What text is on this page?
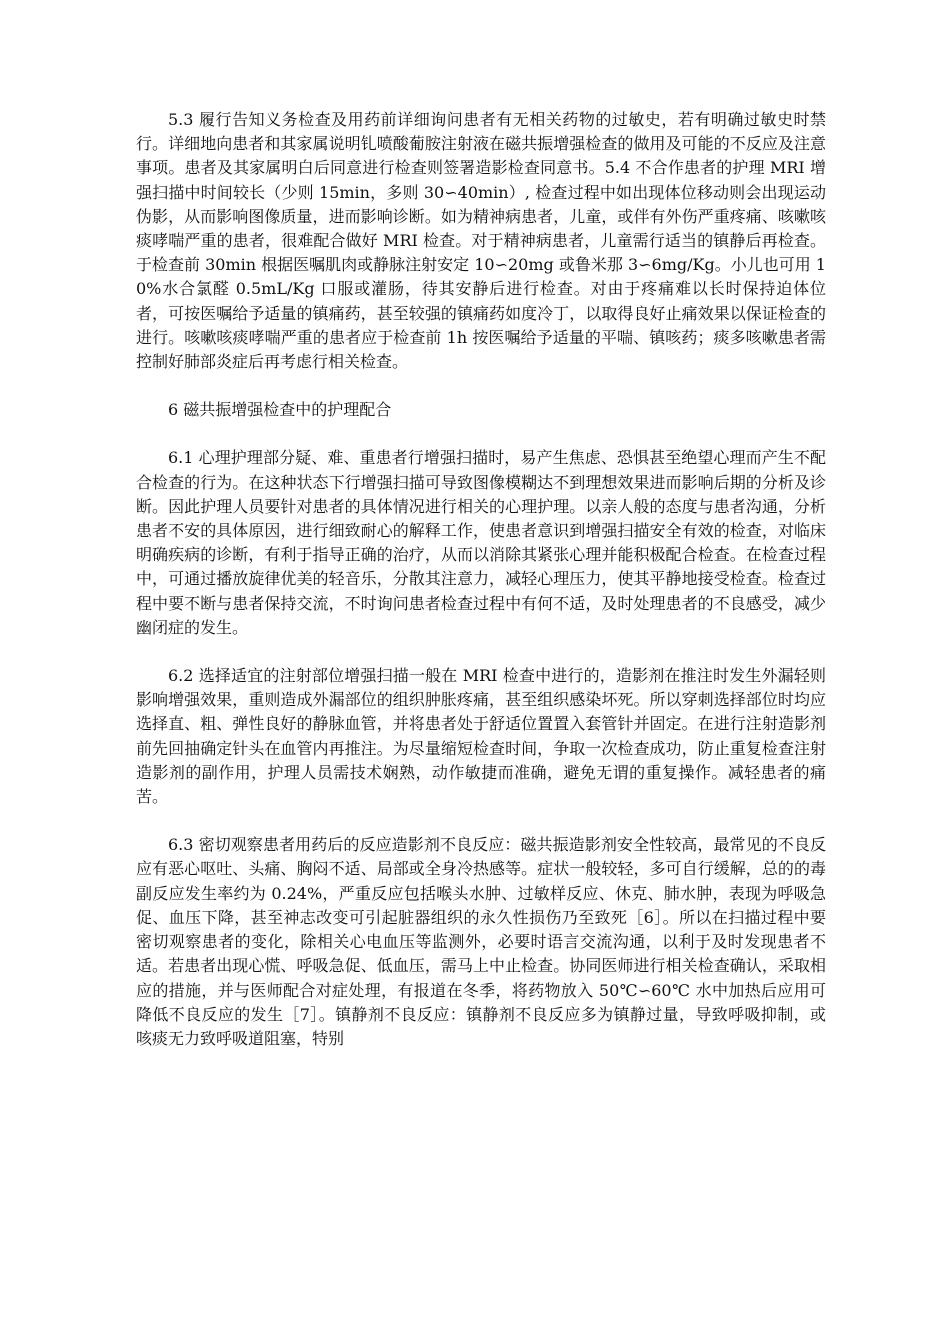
5.3 履行告知义务检查及用药前详细询问患者有无相关药物的过敏史，若有明确过敏史时禁行。详细地向患者和其家属说明钆喷酸葡胺注射液在磁共振增强检查的做用及可能的不反应及注意事项。患者及其家属明白后同意进行检查则签署造影检查同意书。5.4 不合作患者的护理 MRI 增强扫描中时间较长（少则 15min，多则 30∽40min）, 检查过程中如出现体位移动则会出现运动伪影，从而影响图像质量，进而影响诊断。如为精神病患者，儿童，或伴有外伤严重疼痛、咳嗽咳痰哮喘严重的患者，很难配合做好 MRI 检查。对于精神病患者，儿童需行适当的镇静后再检查。于检查前 30min 根据医嘱肌肉或静脉注射安定 10∽20mg 或鲁米那 3∽6mg/Kg。小儿也可用 10%水合氯醛 0.5mL/Kg 口服或灌肠，待其安静后进行检查。对由于疼痛难以长时保持迫体位者，可按医嘱给予适量的镇痛药，甚至较强的镇痛药如度冷丁，以取得良好止痛效果以保证检查的进行。咳嗽咳痰哮喘严重的患者应于检查前 1h 按医嘱给予适量的平喘、镇咳药；痰多咳嗽患者需控制好肺部炎症后再考虑行相关检查。

6 磁共振增强检查中的护理配合

6.1 心理护理部分疑、难、重患者行增强扫描时，易产生焦虑、恐惧甚至绝望心理而产生不配合检查的行为。在这种状态下行增强扫描可导致图像模糊达不到理想效果进而影响后期的分析及诊断。因此护理人员要针对患者的具体情况进行相关的心理护理。以亲人般的态度与患者沟通，分析患者不安的具体原因，进行细致耐心的解释工作，使患者意识到增强扫描安全有效的检查，对临床明确疾病的诊断，有利于指导正确的治疗，从而以消除其紧张心理并能积极配合检查。在检查过程中，可通过播放旋律优美的轻音乐，分散其注意力，减轻心理压力，使其平静地接受检查。检查过程中要不断与患者保持交流，不时询问患者检查过程中有何不适，及时处理患者的不良感受，减少幽闭症的发生。

6.2 选择适宜的注射部位增强扫描一般在 MRI 检查中进行的，造影剂在推注时发生外漏轻则影响增强效果，重则造成外漏部位的组织肿胀疼痛，甚至组织感染坏死。所以穿刺选择部位时均应选择直、粗、弹性良好的静脉血管，并将患者处于舒适位置置入套管针并固定。在进行注射造影剂前先回抽确定针头在血管内再推注。为尽量缩短检查时间，争取一次检查成功，防止重复检查注射造影剂的副作用，护理人员需技术娴熟，动作敏捷而准确，避免无谓的重复操作。减轻患者的痛苦。

6.3 密切观察患者用药后的反应造影剂不良反应：磁共振造影剂安全性较高，最常见的不良反应有恶心呕吐、头痛、胸闷不适、局部或全身冷热感等。症状一般较轻，多可自行缓解，总的的毒副反应发生率约为 0.24%，严重反应包括喉头水肿、过敏样反应、休克、肺水肿，表现为呼吸急促、血压下降，甚至神志改变可引起脏器组织的永久性损伤乃至致死［6］。所以在扫描过程中要密切观察患者的变化，除相关心电血压等监测外，必要时语言交流沟通，以利于及时发现患者不适。若患者出现心慌、呼吸急促、低血压，需马上中止检查。协同医师进行相关检查确认，采取相应的措施，并与医师配合对症处理，有报道在冬季，将药物放入 50℃∽60℃ 水中加热后应用可降低不良反应的发生［7］。镇静剂不良反应：镇静剂不良反应多为镇静过量，导致呼吸抑制，或咳痰无力致呼吸道阻塞，特别
